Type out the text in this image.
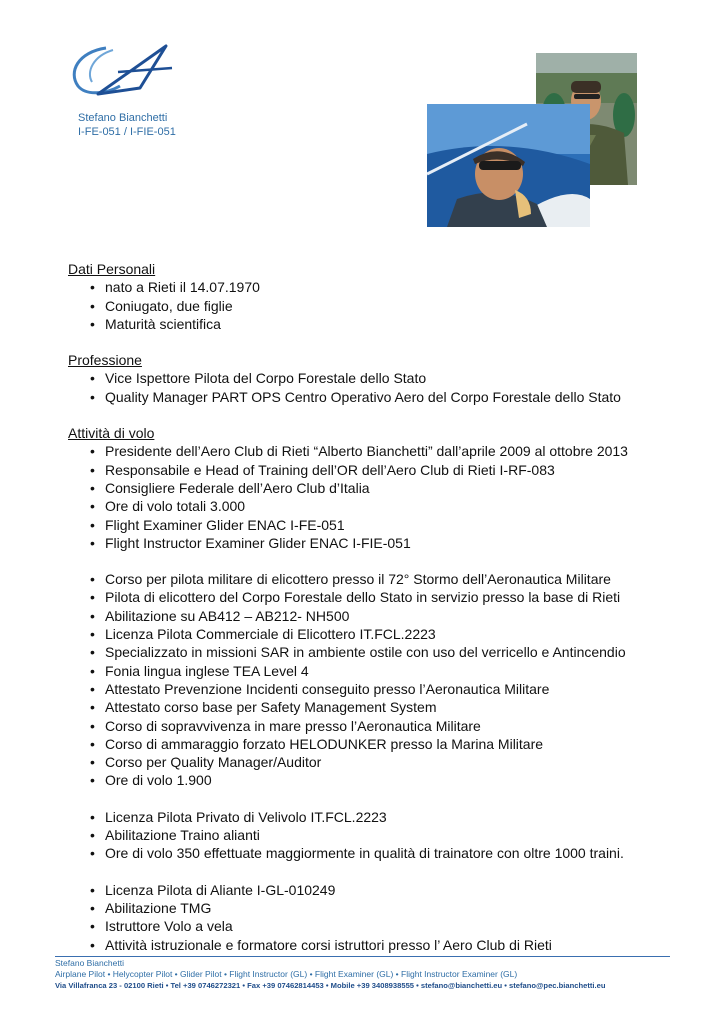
Stefano Bianchetti
I-FE-051 / I-FIE-051
Dati Personali
• nato a Rieti il 14.07.1970
• Coniugato, due figlie
• Maturità scientifica
Professione
• Vice Ispettore Pilota del Corpo Forestale dello Stato
• Quality Manager PART OPS Centro Operativo Aero del Corpo Forestale dello Stato
Attività di volo
• Presidente dell’Aero Club di Rieti “Alberto Bianchetti” dall’aprile 2009 al ottobre 2013
• Responsabile e Head of Training dell’OR dell’Aero Club di Rieti I-RF-083
• Consigliere Federale dell’Aero Club d’Italia
• Ore di volo totali 3.000
• Flight Examiner Glider ENAC I-FE-051
• Flight Instructor Examiner Glider ENAC I-FIE-051
• Corso per pilota militare di elicottero presso il 72° Stormo dell’Aeronautica Militare
• Pilota di elicottero del Corpo Forestale dello Stato in servizio presso la base di Rieti
• Abilitazione su AB412 – AB212- NH500
• Licenza Pilota Commerciale di Elicottero IT.FCL.2223
• Specializzato in missioni SAR in ambiente ostile con uso del verricello e Antincendio
• Fonia lingua inglese TEA Level 4
• Attestato Prevenzione Incidenti conseguito presso l’Aeronautica Militare
• Attestato corso base per Safety Management System
• Corso di sopravvivenza in mare presso l’Aeronautica Militare
• Corso di ammaraggio forzato HELODUNKER presso la Marina Militare
• Corso per Quality Manager/Auditor
• Ore di volo 1.900
• Licenza Pilota Privato di Velivolo IT.FCL.2223
• Abilitazione Traino alianti
• Ore di volo 350 effettuate maggiormente in qualità di trainatore con oltre 1000 traini.
• Licenza Pilota di Aliante I-GL-010249
• Abilitazione TMG
• Istruttore Volo a vela
• Attività istruzionale e formatore corsi istruttori presso l’ Aero Club di Rieti
Stefano Bianchetti
Airplane Pilot • Helycopter Pilot • Glider Pilot • Flight Instructor (GL) • Flight Examiner (GL) • Flight Instructor Examiner (GL)
Via Villafranca 23 - 02100 Rieti • Tel +39 0746272321 • Fax +39 07462814453 • Mobile +39 3408938555 • stefano@bianchetti.eu • stefano@pec.bianchetti.eu
